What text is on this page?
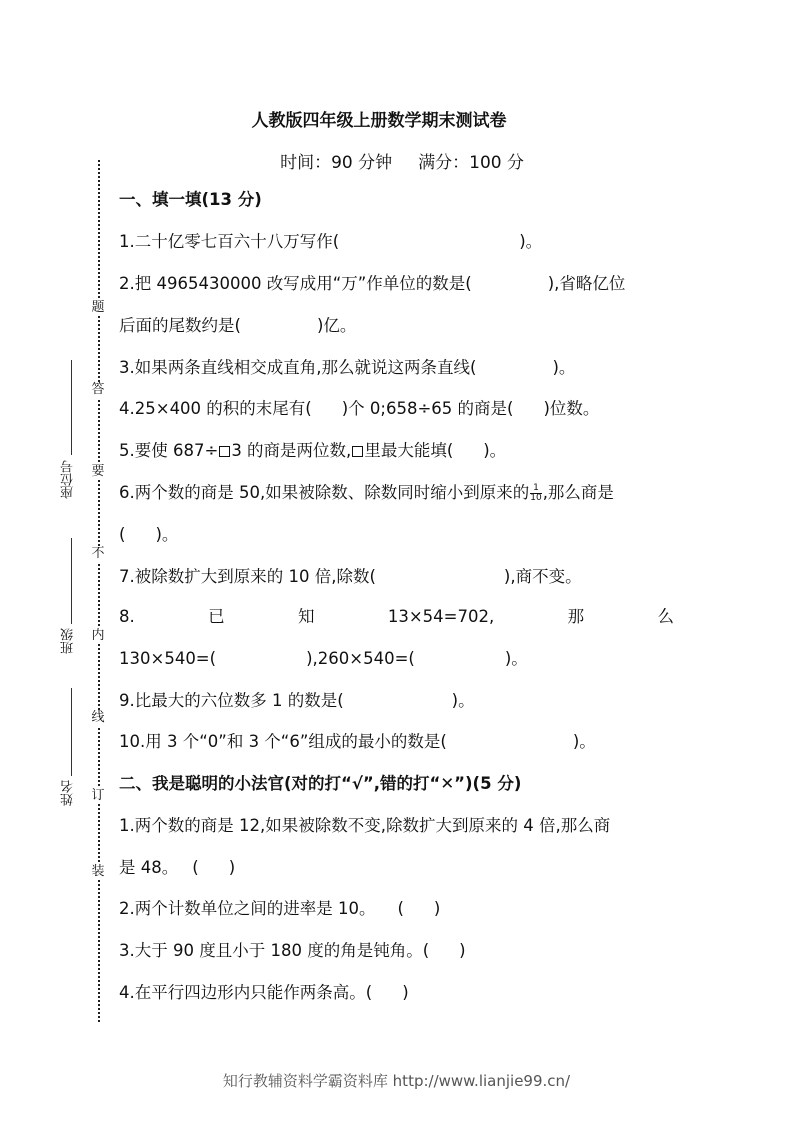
题
答
要
不
内
线
订
装
座位号
班级
姓名
人教版四年级上册数学期末测试卷
时间：90 分钟 满分：100 分
一、填一填(13 分)
1.二十亿零七百六十八万写作(	)。
2.把 4965430000 改写成用“万”作单位的数是(	),省略亿位
后面的尾数约是(	)亿。
3.如果两条直线相交成直角,那么就说这两条直线(	)。
4.25×400 的积的末尾有( )个 0;658÷65 的商是( )位数。
5.要使 687÷ 3 的商是两位数, 里最大能填( )。
6.两个数的商是 50,如果被除数、除数同时缩小到原来的 $\frac{1}{10}$ ,那么商是
( )。
7.被除数扩大到原来的 10 倍,除数(	),商不变。
8.	已	知	13×54=702,	那	么
130×540=(	),260×540=(	)。
9.比最大的六位数多 1 的数是(	)。
10.用 3 个“0”和 3 个“6”组成的最小的数是(	)。
二、我是聪明的小法官(对的打“√”,错的打“✕”)(5 分)
1.两个数的商是 12,如果被除数不变,除数扩大到原来的 4 倍,那么商
是 48。 ( )
2.两个计数单位之间的进率是 10。 ( )
3.大于 90 度且小于 180 度的角是钝角。( )
4.在平行四边形内只能作两条高。( )
知行教辅资料学霸资料库 http://www.lianjie99.cn/
